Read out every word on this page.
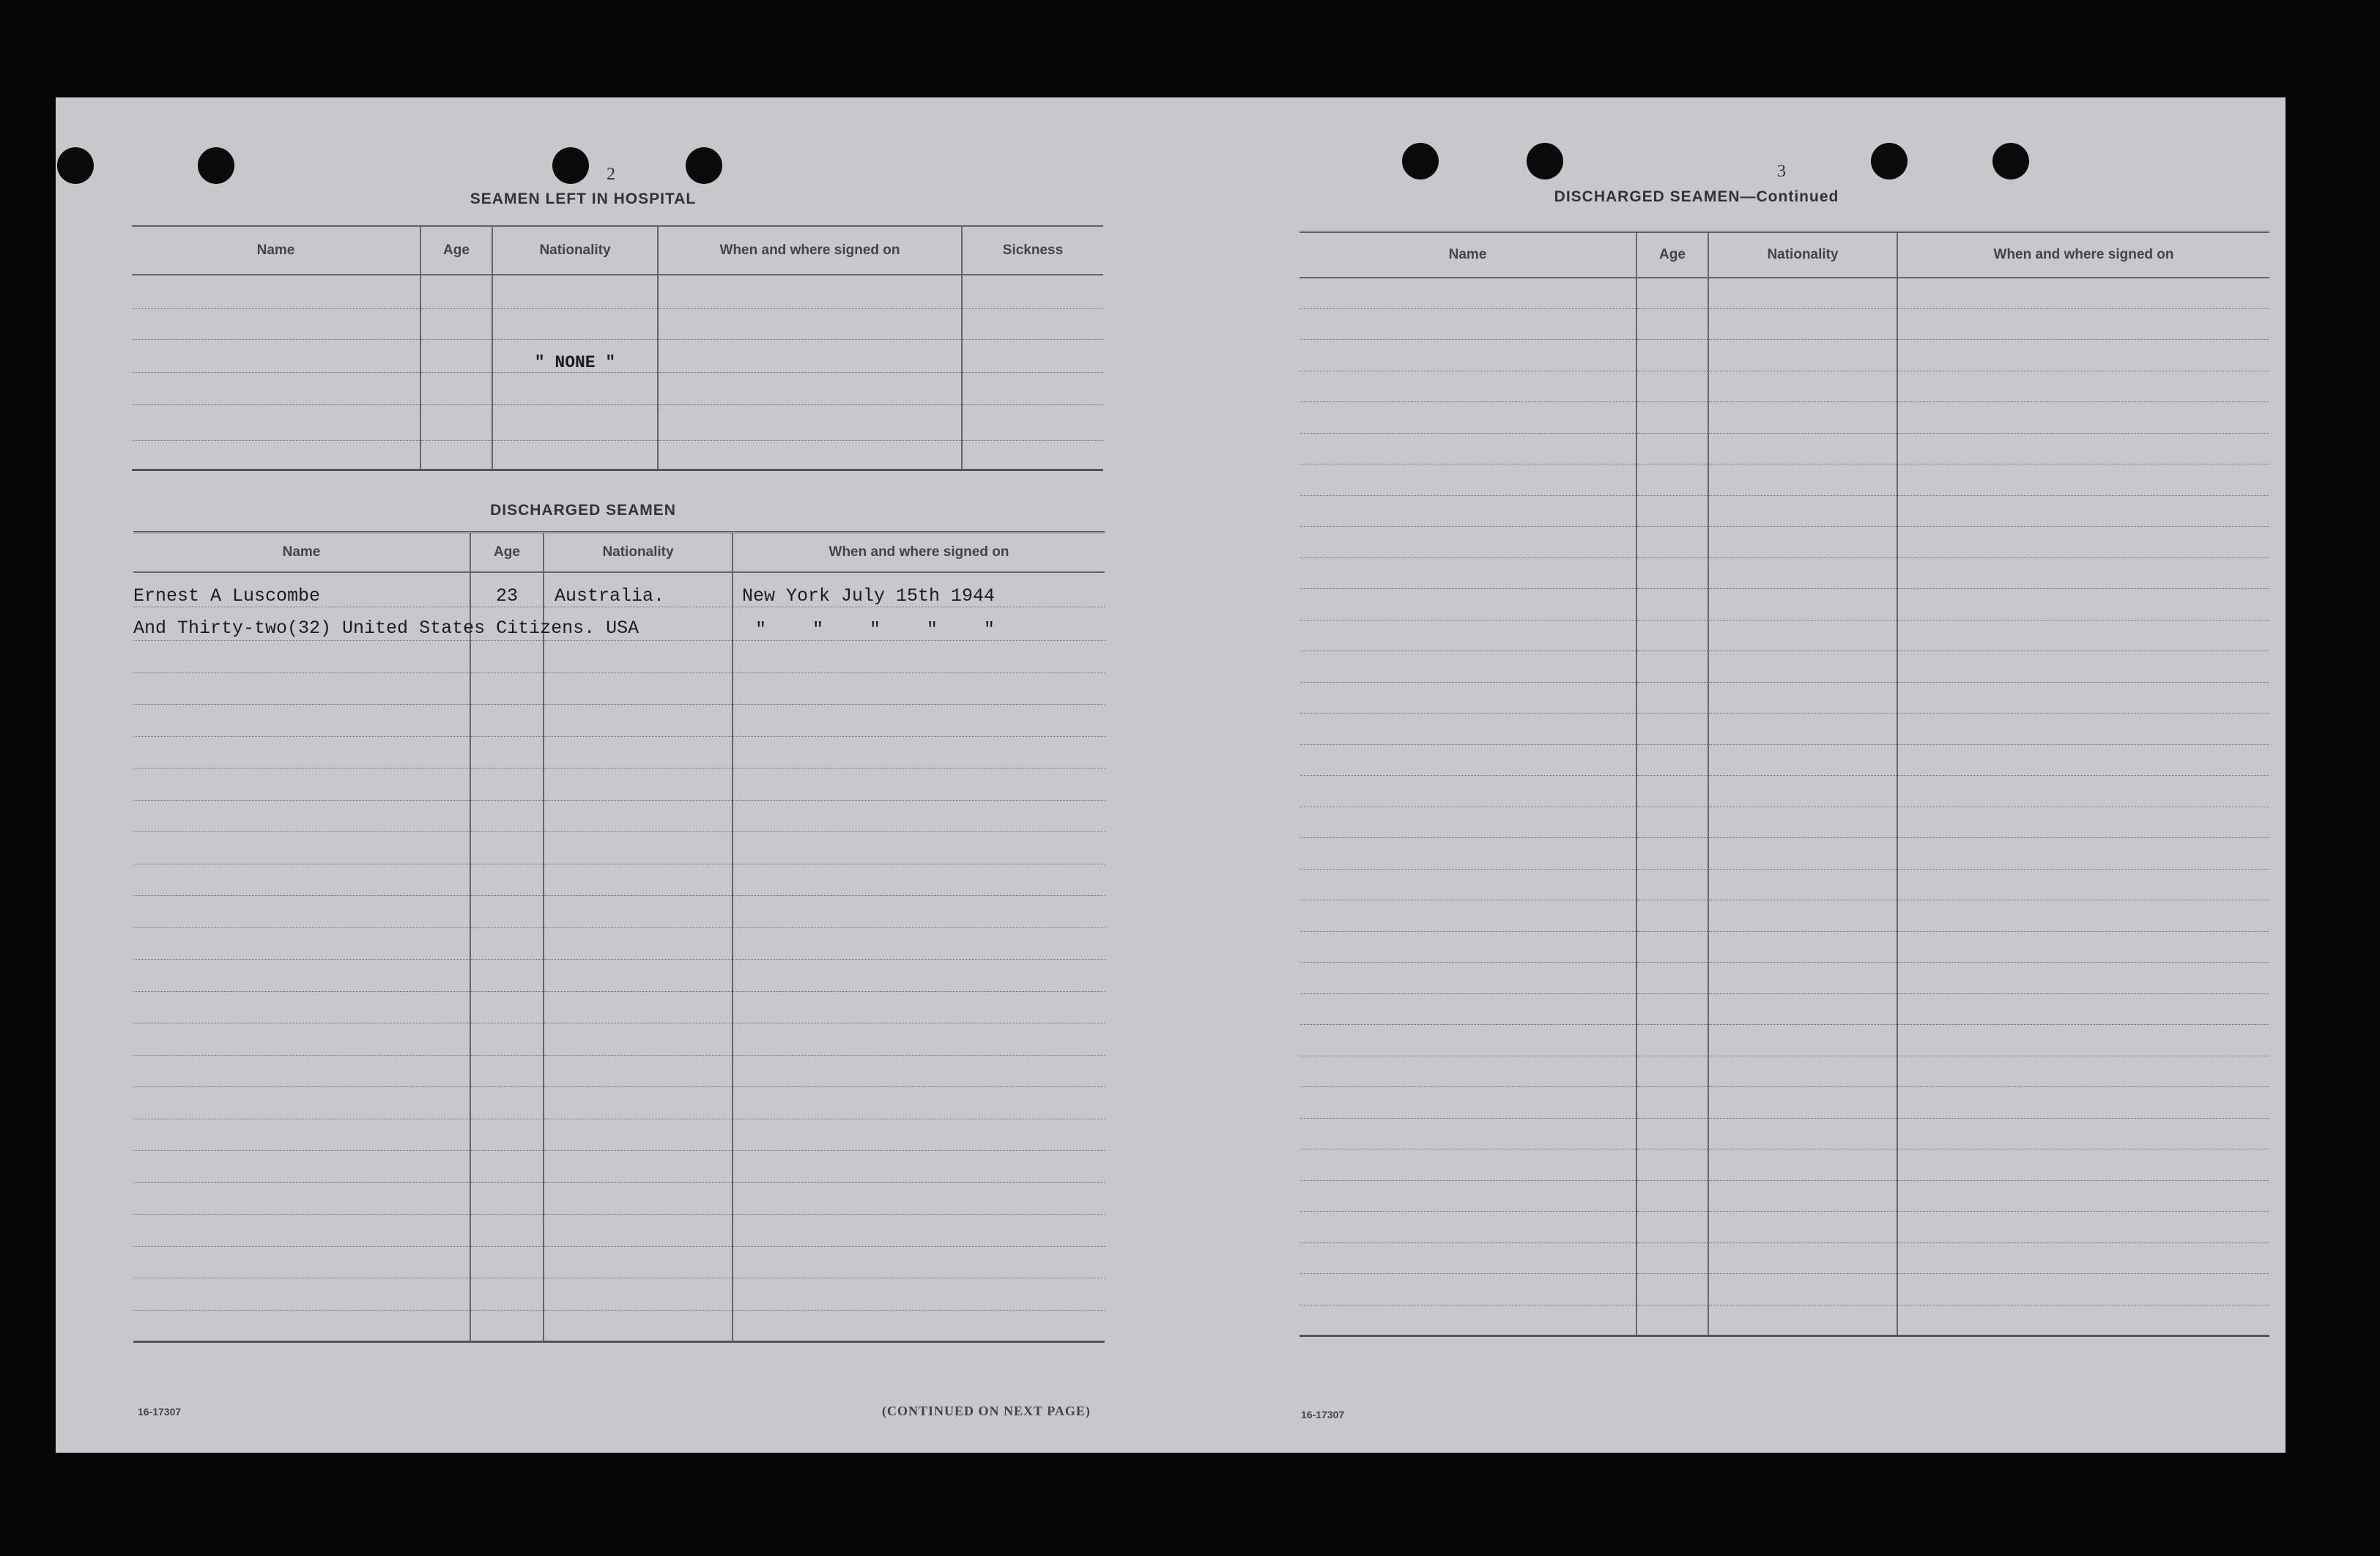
2
SEAMEN LEFT IN HOSPITAL
Name	Age	Nationality	When and where signed on	Sickness

		" NONE "		

DISCHARGED SEAMEN
Name	Age	Nationality	When and where signed on
Ernest A Luscombe	23	Australia.	New York July 15th 1944

And Thirty-two(32) United States Citizens. USA			" " " " "

16-17307	(CONTINUED ON NEXT PAGE)
3
DISCHARGED SEAMEN—Continued
Name	Age	Nationality	When and where signed on

16-17307
